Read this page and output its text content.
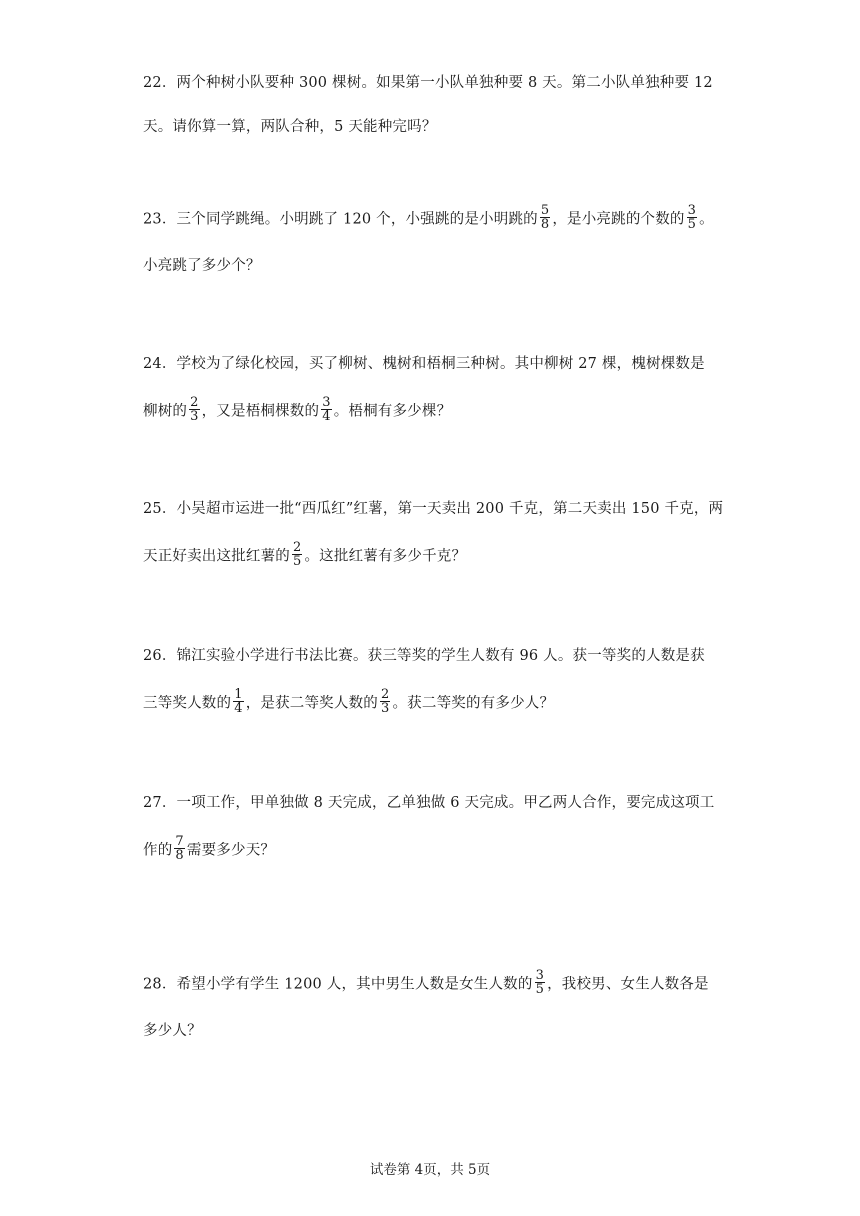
22．两个种树小队要种 300 棵树。如果第一小队单独种要 8 天。第二小队单独种要 12
天。请你算一算，两队合种，5 天能种完吗？
23．三个同学跳绳。小明跳了 120 个，小强跳的是小明跳的 $\frac{5}{8}$ ，是小亮跳的个数的 $\frac{3}{5}$ 。
小亮跳了多少个？
24．学校为了绿化校园，买了柳树、槐树和梧桐三种树。其中柳树 27 棵，槐树棵数是
柳树的 $\frac{2}{3}$ ，又是梧桐棵数的 $\frac{3}{4}$ 。梧桐有多少棵？
25．小吴超市运进一批“西瓜红”红薯，第一天卖出 200 千克，第二天卖出 150 千克，两
天正好卖出这批红薯的 $\frac{2}{5}$ 。这批红薯有多少千克？
26．锦江实验小学进行书法比赛。获三等奖的学生人数有 96 人。获一等奖的人数是获
三等奖人数的 $\frac{1}{4}$ ，是获二等奖人数的 $\frac{2}{3}$ 。获二等奖的有多少人？
27．一项工作，甲单独做 8 天完成，乙单独做 6 天完成。甲乙两人合作，要完成这项工
作的 $\frac{7}{8}$ 需要多少天？
28．希望小学有学生 1200 人，其中男生人数是女生人数的 $\frac{3}{5}$ ，我校男、女生人数各是
多少人？
试卷第 4页，共 5页
